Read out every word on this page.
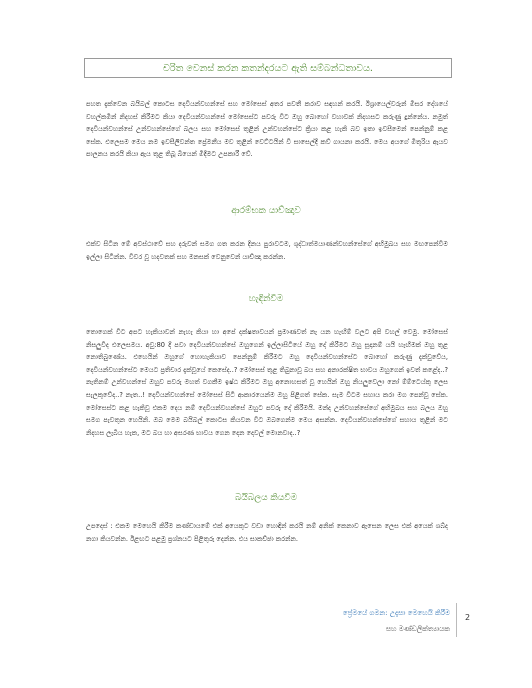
චරිත වෙනස් කරන කතන්දරයට ඇති සම්බන්ධතාවය.

පහත දැක්වෙන බයිබල් කොටස දෙවියන්වහන්සේ සහ මෝසෙස් අතර පවතී කරාව සඳහන් කරයි. ඊශ්‍රායෙල්වරුන් මිසර දේශයේ වහල්කමින් නිදහස් කිරීමට කියා දෙවියන්වහන්සේ මෝසෙස්ට පවරු විට ඔහු බොහෝ වහාවක් නිදහසට කරුණු දුන්නේය. නමුත් දෙවියන්වහන්සේ උන්වහන්සේගේ බලය සහ මෝසෙස් තුළින් උන්වහන්සේට ක්‍රියා කළ හැකි බව ඉතා ඉවසීමෙන් පෙන්නුම් කළ සේක. එලෙසම මෙය නම ඉවසීලිවන්ත ප්‍රේමනීය මව තුළින් වෙට්ටයින් වී සාසෙල්දී කව් ගායනා කරයි. මෙය අයගේ මිතුරිය ඇයව පාලනය කරයි කියා ඇය තුළ තිබූ බියෙන් මිදීමට උපකාරී වේ.

ආරම්භක යාච්ඤාව

එක්ව සිටින මේ අවස්ථාවේ සහ දරුවන් සමග ගත කරන දිනය පුරාවටම, ශුද්ධාත්මයාණන්වහන්සේගේ අභිමුඛය සහ මඟපෙන්වීම ඉල්ලා සිටින්න. විවර වූ හදවතක් සහ මනසක් වෙනුවෙන් යාච්ඤා කරන්න.

හැඳින්වීම

තොගෙක් විට අපට හැකියාවන් නැහැ කියා හා අපේ දක්ෂතාවයන් ප්‍රමාණවත් නැ යන හැඟීම් වලට අපි වහල් වෙමු. මෝසෙස් නිසලුවිද එලෙසමය. අවු:80 දී පවා දෙවියන්වහන්සේ ඔහුගෙන් ඉල්ලාසිටියේ ඔහු දේ කිරීමට ඔහු සූදානම් යයි හැඟීමක් ඔහු තුළ නොතිබුණේය. එහෙයින් ඔහුගේ හොහැකියාව පෙන්නුම් කිරීමට ඔහු දෙවියන්වහන්සේට බොහෝ කරුණු දැක්වුවේය, දෙවියන්වහන්සේට මෙයට ප්‍රතිචාර දැක්වූයේ කෙසේද..? මෝසෙස් තුළ තිබුනාවූ බය සහ අනාරක්ෂිත භාවය ඔහුගෙන් ඉවත් කළේද..? නැතිනම් උන්වහන්සේ ඔහුව පවරු මහත් වගකීම ඉෂ්ඨ කිරීමට ඔහු අනොහසත් වූ හෙයින් ඔහු නියලුවෙලා නෝ ම්ම්ටෙය්කු ලෙස සැලකුවේද..? නැත..! දෙවියන්වහන්සේ මෝසෙස් සිටි ආකාරයෙන්ම ඔහු පිළිගත් සේක. සැම විටම සහාය කරා මග පෙන්වූ සේක. මෝසෙස්ට කළ හැකිවූ එකම දෙය නම් දෙවියන්වහන්සේ ඔහුට පවරු දේ කිරීමයි. මන්ද උන්වහන්සේගේ අභිමුඛය සහ බලය ඔහු සමග පැවතුන හෙයිනි. ඔබ මෙම බයිබල් කොටස කියවන විට ඔබගෙන්ම මෙය අසන්න. දෙවියන්වහන්සේගේ සහාය තුළින් මට නිදහස ලැබිය හැක, මට බය හා අසරණ භාවය ගෙන දෙන දෙවල් මොනවාද..?

බයිබලය කියවීම

උපදෙස් : එකම මෙහෙයි කිරීම කණ්ඩායමේ එක් අයෙකුට වඩා හොඳින් කරයි නම් අනික් කෙනාව ඇසෙන ලෙස එක් අයෙක් ශබ්ද නගා කියවන්න. ඊළඟට පළමු ප්‍රශ්නයට පිළිතුරු දෙන්න. එය සාකච්ඡා කරන්න.

ප්‍රේමයේ ගමන: උදැසා මෙහෙයි කිරීම
සහ මණ්ඩලික්ත්‍යායක
2
